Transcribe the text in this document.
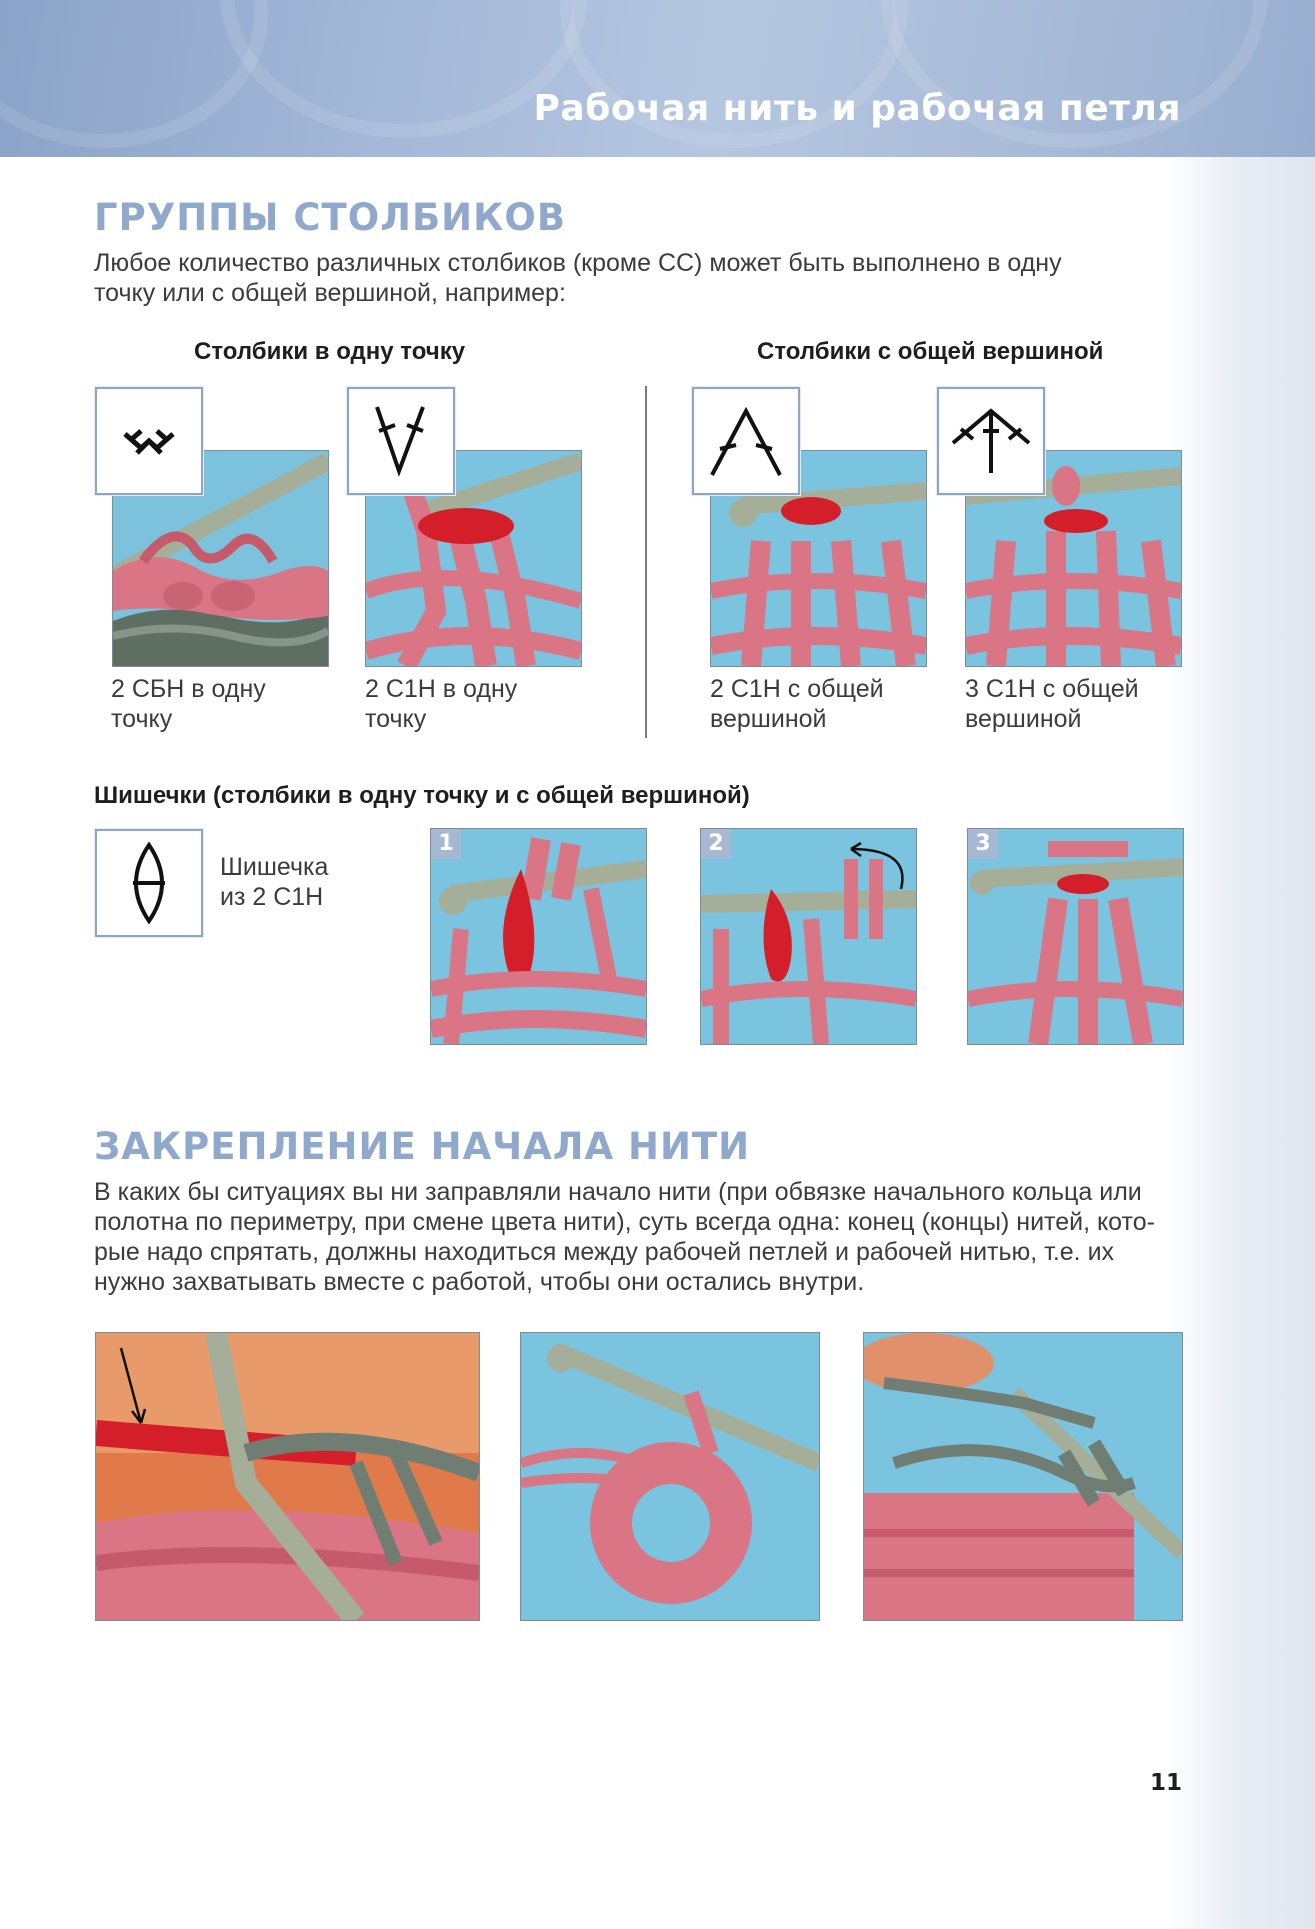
Рабочая нить и рабочая петля
ГРУППЫ СТОЛБИКОВ
Любое количество различных столбиков (кроме СС) может быть выполнено в одну
точку или с общей вершиной, например:
Столбики в одну точку	Столбики с общей вершиной
2 СБН в одну
точку
2 С1Н в одну
точку
2 С1Н с общей
вершиной
3 С1Н с общей
вершиной
Шишечки (столбики в одну точку и с общей вершиной)
Шишечка
из 2 С1Н
1	2	3
ЗАКРЕПЛЕНИЕ НАЧАЛА НИТИ
В каких бы ситуациях вы ни заправляли начало нити (при обвязке начального кольца или
полотна по периметру, при смене цвета нити), суть всегда одна: конец (концы) нитей, кото-
рые надо спрятать, должны находиться между рабочей петлей и рабочей нитью, т.е. их
нужно захватывать вместе с работой, чтобы они остались внутри.
11
